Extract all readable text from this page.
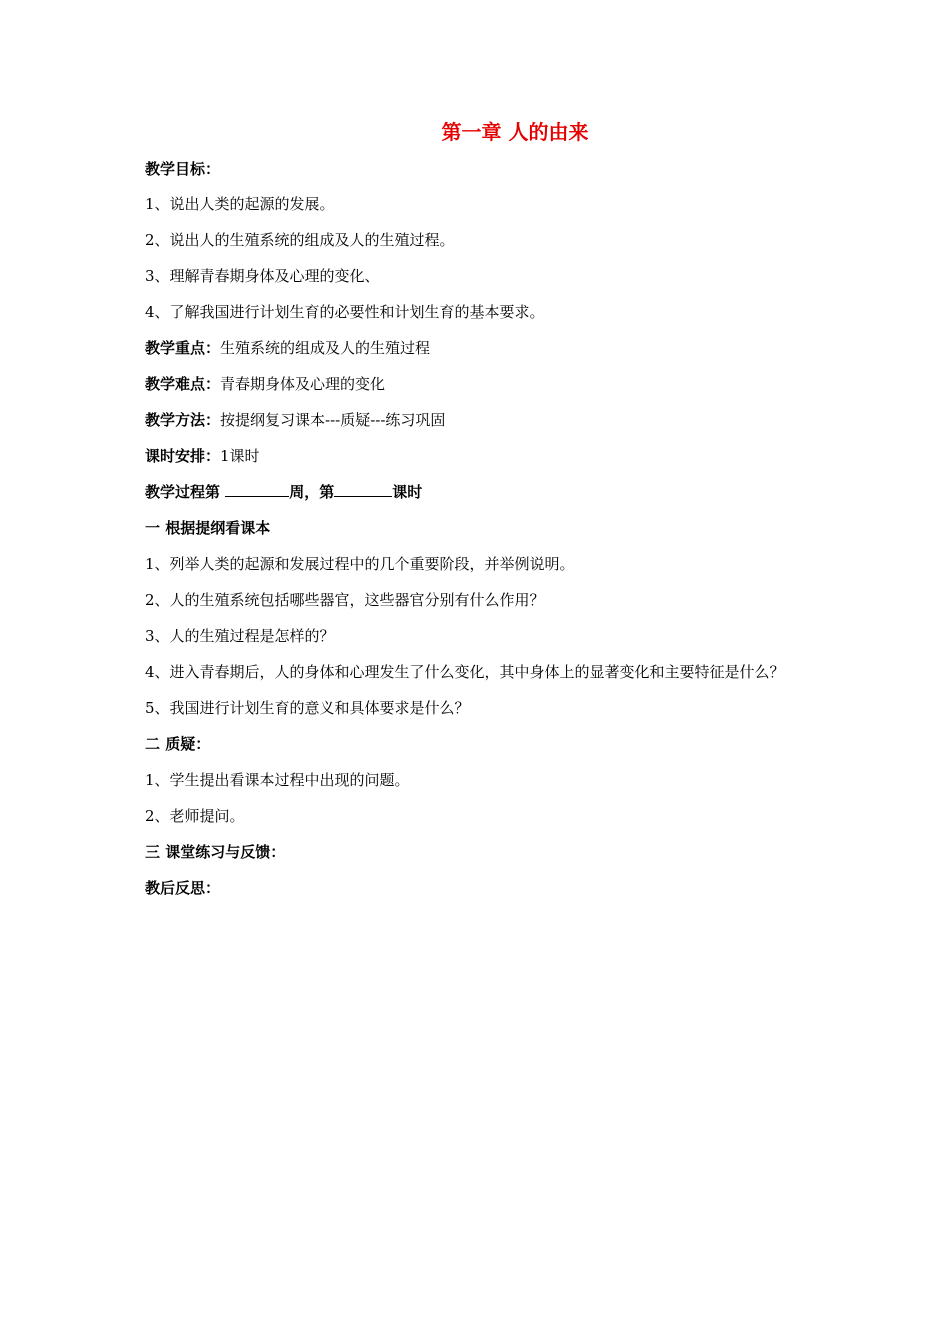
第一章 人的由来
教学目标：
1、说出人类的起源的发展。
2、说出人的生殖系统的组成及人的生殖过程。
3、理解青春期身体及心理的变化、
4、了解我国进行计划生育的必要性和计划生育的基本要求。
教学重点：生殖系统的组成及人的生殖过程
教学难点：青春期身体及心理的变化
教学方法：按提纲复习课本---质疑---练习巩固
课时安排：1课时
教学过程第	周，第	课时
一 根据提纲看课本
1、列举人类的起源和发展过程中的几个重要阶段，并举例说明。
2、人的生殖系统包括哪些器官，这些器官分别有什么作用？
3、人的生殖过程是怎样的？
4、进入青春期后，人的身体和心理发生了什么变化，其中身体上的显著变化和主要特征是什么？
5、我国进行计划生育的意义和具体要求是什么？
二 质疑：
1、学生提出看课本过程中出现的问题。
2、老师提问。
三 课堂练习与反馈：
教后反思：
